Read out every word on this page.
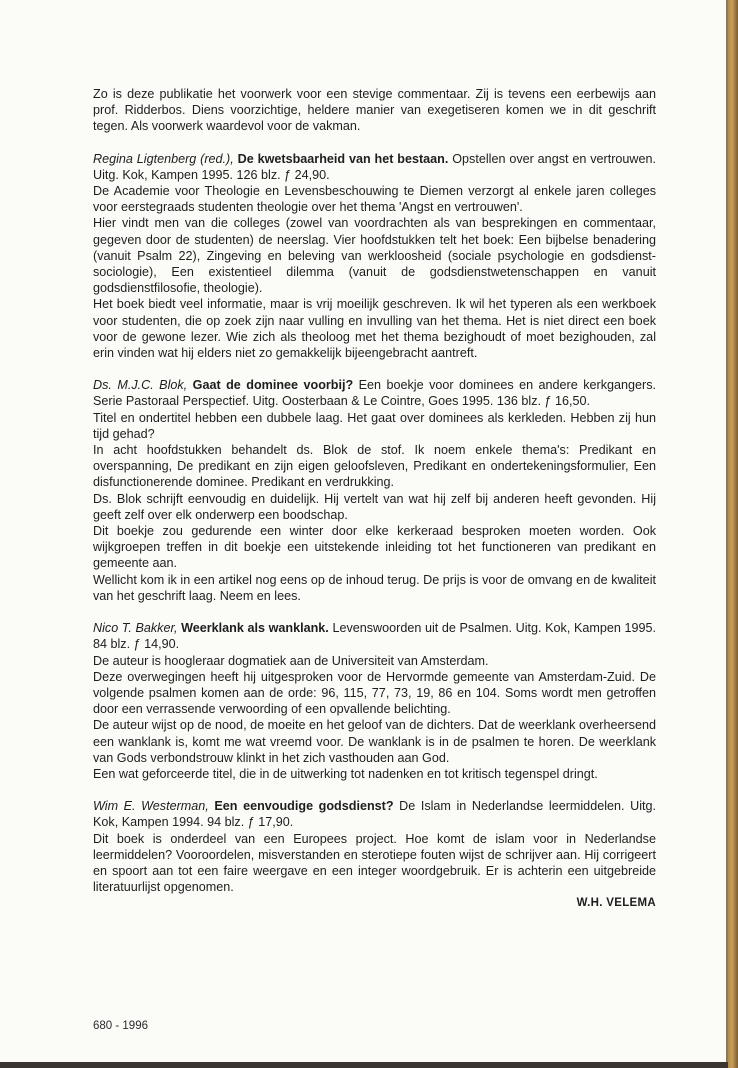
Zo is deze publikatie het voorwerk voor een stevige commentaar. Zij is tevens een eerbewijs aan prof. Ridderbos. Diens voorzichtige, heldere manier van exegetiseren komen we in dit geschrift tegen. Als voorwerk waardevol voor de vakman.

Regina Ligtenberg (red.), De kwetsbaarheid van het bestaan. Opstellen over angst en vertrouwen. Uitg. Kok, Kampen 1995. 126 blz. ƒ 24,90.

De Academie voor Theologie en Levensbeschouwing te Diemen verzorgt al enkele jaren colleges voor eerstegraads studenten theologie over het thema 'Angst en vertrouwen'.

Hier vindt men van die colleges (zowel van voordrachten als van besprekingen en commentaar, gegeven door de studenten) de neerslag. Vier hoofdstukken telt het boek: Een bijbelse benadering (vanuit Psalm 22), Zingeving en beleving van werkloosheid (sociale psychologie en godsdienst-sociologie), Een existentieel dilemma (vanuit de godsdienstwetenschappen en vanuit godsdienstfilosofie, theologie).

Het boek biedt veel informatie, maar is vrij moeilijk geschreven. Ik wil het typeren als een werkboek voor studenten, die op zoek zijn naar vulling en invulling van het thema. Het is niet direct een boek voor de gewone lezer. Wie zich als theoloog met het thema bezighoudt of moet bezighouden, zal erin vinden wat hij elders niet zo gemakkelijk bijeengebracht aantreft.

Ds. M.J.C. Blok, Gaat de dominee voorbij? Een boekje voor dominees en andere kerkgangers. Serie Pastoraal Perspectief. Uitg. Oosterbaan & Le Cointre, Goes 1995. 136 blz. ƒ 16,50.

Titel en ondertitel hebben een dubbele laag. Het gaat over dominees als kerkleden. Hebben zij hun tijd gehad?

In acht hoofdstukken behandelt ds. Blok de stof. Ik noem enkele thema's: Predikant en overspanning, De predikant en zijn eigen geloofsleven, Predikant en ondertekeningsformulier, Een disfunctionerende dominee. Predikant en verdrukking.

Ds. Blok schrijft eenvoudig en duidelijk. Hij vertelt van wat hij zelf bij anderen heeft gevonden. Hij geeft zelf over elk onderwerp een boodschap.

Dit boekje zou gedurende een winter door elke kerkeraad besproken moeten worden. Ook wijkgroepen treffen in dit boekje een uitstekende inleiding tot het functioneren van predikant en gemeente aan.

Wellicht kom ik in een artikel nog eens op de inhoud terug. De prijs is voor de omvang en de kwaliteit van het geschrift laag. Neem en lees.

Nico T. Bakker, Weerklank als wanklank. Levenswoorden uit de Psalmen. Uitg. Kok, Kampen 1995. 84 blz. ƒ 14,90.

De auteur is hoogleraar dogmatiek aan de Universiteit van Amsterdam.

Deze overwegingen heeft hij uitgesproken voor de Hervormde gemeente van Amsterdam-Zuid. De volgende psalmen komen aan de orde: 96, 115, 77, 73, 19, 86 en 104. Soms wordt men getroffen door een verrassende verwoording of een opvallende belichting.

De auteur wijst op de nood, de moeite en het geloof van de dichters. Dat de weerklank overheersend een wanklank is, komt me wat vreemd voor. De wanklank is in de psalmen te horen. De weerklank van Gods verbondstrouw klinkt in het zich vasthouden aan God.

Een wat geforceerde titel, die in de uitwerking tot nadenken en tot kritisch tegenspel dringt.

Wim E. Westerman, Een eenvoudige godsdienst? De Islam in Nederlandse leermiddelen. Uitg. Kok, Kampen 1994. 94 blz. ƒ 17,90.

Dit boek is onderdeel van een Europees project. Hoe komt de islam voor in Nederlandse leermiddelen? Vooroordelen, misverstanden en sterotiepe fouten wijst de schrijver aan. Hij corrigeert en spoort aan tot een faire weergave en een integer woordgebruik. Er is achterin een uitgebreide literatuurlijst opgenomen.

W.H. VELEMA

680 - 1996
